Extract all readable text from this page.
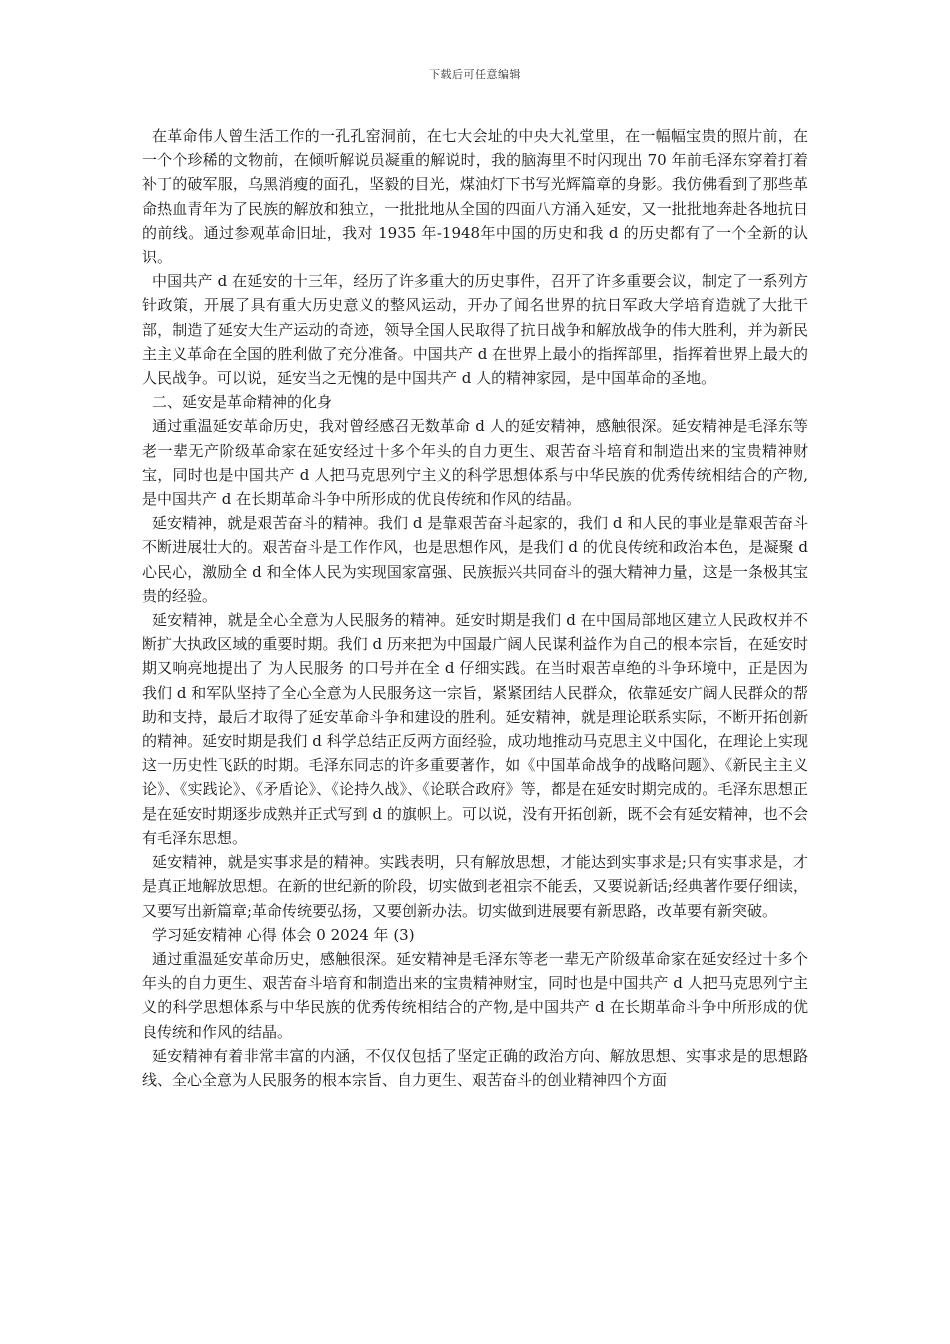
下载后可任意编辑

在革命伟人曾生活工作的一孔孔窑洞前，在七大会址的中央大礼堂里，在一幅幅宝贵的照片前，在一个个珍稀的文物前，在倾听解说员凝重的解说时，我的脑海里不时闪现出 70 年前毛泽东穿着打着补丁的破军服，乌黑消瘦的面孔，坚毅的目光，煤油灯下书写光辉篇章的身影。我仿佛看到了那些革命热血青年为了民族的解放和独立，一批批地从全国的四面八方涌入延安，又一批批地奔赴各地抗日的前线。通过参观革命旧址，我对 1935 年-1948年中国的历史和我 d 的历史都有了一个全新的认识。

中国共产 d 在延安的十三年，经历了许多重大的历史事件，召开了许多重要会议，制定了一系列方针政策，开展了具有重大历史意义的整风运动，开办了闻名世界的抗日军政大学培育造就了大批干部，制造了延安大生产运动的奇迹，领导全国人民取得了抗日战争和解放战争的伟大胜利，并为新民主主义革命在全国的胜利做了充分准备。中国共产 d 在世界上最小的指挥部里，指挥着世界上最大的人民战争。可以说，延安当之无愧的是中国共产 d 人的精神家园，是中国革命的圣地。

二、延安是革命精神的化身

通过重温延安革命历史，我对曾经感召无数革命 d 人的延安精神，感触很深。延安精神是毛泽东等老一辈无产阶级革命家在延安经过十多个年头的自力更生、艰苦奋斗培育和制造出来的宝贵精神财宝，同时也是中国共产 d 人把马克思列宁主义的科学思想体系与中华民族的优秀传统相结合的产物,是中国共产 d 在长期革命斗争中所形成的优良传统和作风的结晶。

延安精神，就是艰苦奋斗的精神。我们 d 是靠艰苦奋斗起家的，我们 d 和人民的事业是靠艰苦奋斗不断进展壮大的。艰苦奋斗是工作作风，也是思想作风，是我们 d 的优良传统和政治本色，是凝聚 d 心民心，激励全 d 和全体人民为实现国家富强、民族振兴共同奋斗的强大精神力量，这是一条极其宝贵的经验。

延安精神，就是全心全意为人民服务的精神。延安时期是我们 d 在中国局部地区建立人民政权并不断扩大执政区域的重要时期。我们 d 历来把为中国最广阔人民谋利益作为自己的根本宗旨，在延安时期又响亮地提出了 为人民服务 的口号并在全 d 仔细实践。在当时艰苦卓绝的斗争环境中，正是因为我们 d 和军队坚持了全心全意为人民服务这一宗旨，紧紧团结人民群众，依靠延安广阔人民群众的帮助和支持，最后才取得了延安革命斗争和建设的胜利。延安精神，就是理论联系实际，不断开拓创新的精神。延安时期是我们 d 科学总结正反两方面经验，成功地推动马克思主义中国化，在理论上实现这一历史性飞跃的时期。毛泽东同志的许多重要著作，如《中国革命战争的战略问题》、《新民主主义论》、《实践论》、《矛盾论》、《论持久战》、《论联合政府》等，都是在延安时期完成的。毛泽东思想正是在延安时期逐步成熟并正式写到 d 的旗帜上。可以说，没有开拓创新，既不会有延安精神，也不会有毛泽东思想。

延安精神，就是实事求是的精神。实践表明，只有解放思想，才能达到实事求是;只有实事求是，才是真正地解放思想。在新的世纪新的阶段，切实做到老祖宗不能丢，又要说新话;经典著作要仔细读，又要写出新篇章;革命传统要弘扬，又要创新办法。切实做到进展要有新思路，改革要有新突破。

学习延安精神 心得 体会 0 2024 年 (3)

通过重温延安革命历史，感触很深。延安精神是毛泽东等老一辈无产阶级革命家在延安经过十多个年头的自力更生、艰苦奋斗培育和制造出来的宝贵精神财宝，同时也是中国共产 d 人把马克思列宁主义的科学思想体系与中华民族的优秀传统相结合的产物,是中国共产 d 在长期革命斗争中所形成的优良传统和作风的结晶。

延安精神有着非常丰富的内涵，不仅仅包括了坚定正确的政治方向、解放思想、实事求是的思想路线、全心全意为人民服务的根本宗旨、自力更生、艰苦奋斗的创业精神四个方面
